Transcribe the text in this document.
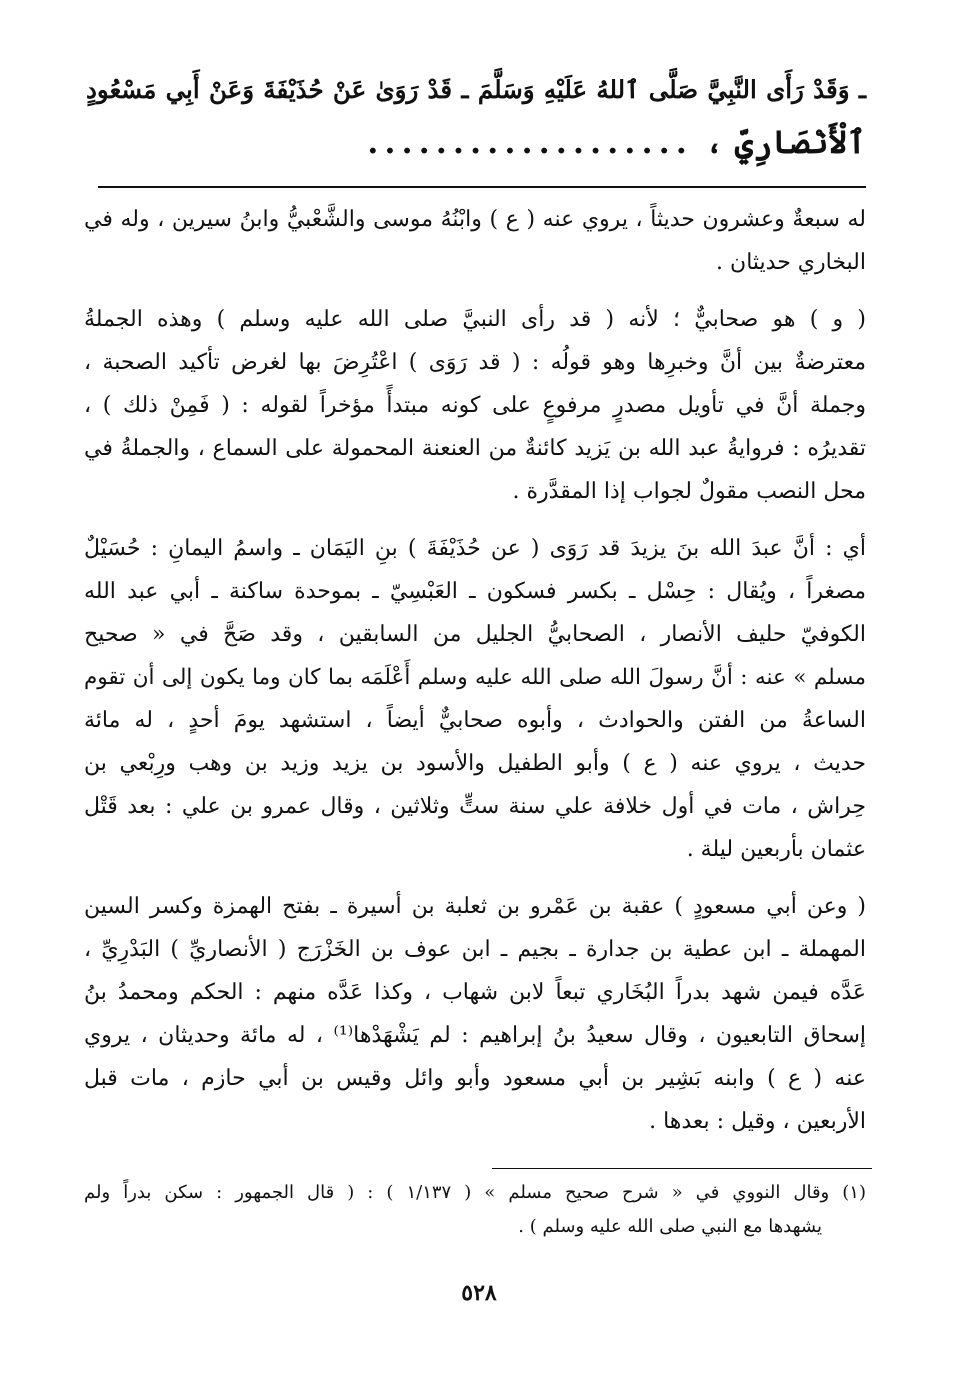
ـ وَقَدْ رَأَى النَّبِيَّ صَلَّى ٱللهُ عَلَيْهِ وَسَلَّمَ ـ قَدْ رَوَىٰ عَنْ حُذَيْفَةَ وَعَنْ أَبِي مَسْعُودٍ
ٱلْأَنْصَارِيِّ ،...................
له سبعةٌ وعشرون حديثاً ، يروي عنه ( ع ) وابْنُهُ موسى والشَّعْبيُّ وابنُ سيرين ، وله في
البخاري حديثان .
( و ) هو صحابيٌّ ؛ لأنه ( قد رأى النبيَّ صلى الله عليه وسلم ) وهذه الجملةُ
معترضةٌ بين أنَّ وخبرِها وهو قولُه : ( قد رَوَى ) اعْتُرِضَ بها لغرض تأكيد الصحبة ،
وجملة أنَّ في تأويل مصدرٍ مرفوعٍ على كونه مبتدأً مؤخراً لقوله : ( فَمِنْ ذلك ) ،
تقديرُه : فروايةُ عبد الله بن يَزيد كائنةٌ من العنعنة المحمولة على السماع ، والجملةُ في
محل النصب مقولٌ لجواب إذا المقدَّرة .
أي : أنَّ عبدَ الله بنَ يزيدَ قد رَوَى ( عن حُذَيْفَةَ ) بنِ اليَمَان ـ واسمُ اليمانِ : حُسَيْلٌ
مصغراً ، ويُقال : حِسْل ـ بكسر فسكون ـ العَبْسِيّ ـ بموحدة ساكنة ـ أبي عبد الله
الكوفيّ حليف الأنصار ، الصحابيُّ الجليل من السابقين ، وقد صَحَّ في « صحيح
مسلم » عنه : أنَّ رسولَ الله صلى الله عليه وسلم أَعْلَمَه بما كان وما يكون إلى أن تقوم
الساعةُ من الفتن والحوادث ، وأبوه صحابيٌّ أيضاً ، استشهد يومَ أحدٍ ، له مائة
حديث ، يروي عنه ( ع ) وأبو الطفيل والأسود بن يزيد وزيد بن وهب ورِبْعي بن
حِراش ، مات في أول خلافة علي سنة ستٍّ وثلاثين ، وقال عمرو بن علي : بعد قَتْل
عثمان بأربعين ليلة .
( وعن أبي مسعودٍ ) عقبة بن عَمْرو بن ثعلبة بن أسيرة ـ بفتح الهمزة وكسر السين
المهملة ـ ابن عطية بن جدارة ـ بجيم ـ ابن عوف بن الخَزْرَج ( الأنصاريِّ ) البَدْرِيِّ ،
عَدَّه فيمن شهد بدراً البُخَاري تبعاً لابن شهاب ، وكذا عَدَّه منهم : الحكم ومحمدُ بنُ
إسحاق التابعيون ، وقال سعيدُ بنُ إبراهيم : لم يَشْهَدْها⁽¹⁾ ، له مائة وحديثان ، يروي
عنه ( ع ) وابنه بَشِير بن أبي مسعود وأبو وائل وقيس بن أبي حازم ، مات قبل
الأربعين ، وقيل : بعدها .
(١) وقال النووي في « شرح صحيح مسلم » ( ١/١٣٧ ) : ( قال الجمهور : سكن بدراً ولم
يشهدها مع النبي صلى الله عليه وسلم ) .
٥٢٨
